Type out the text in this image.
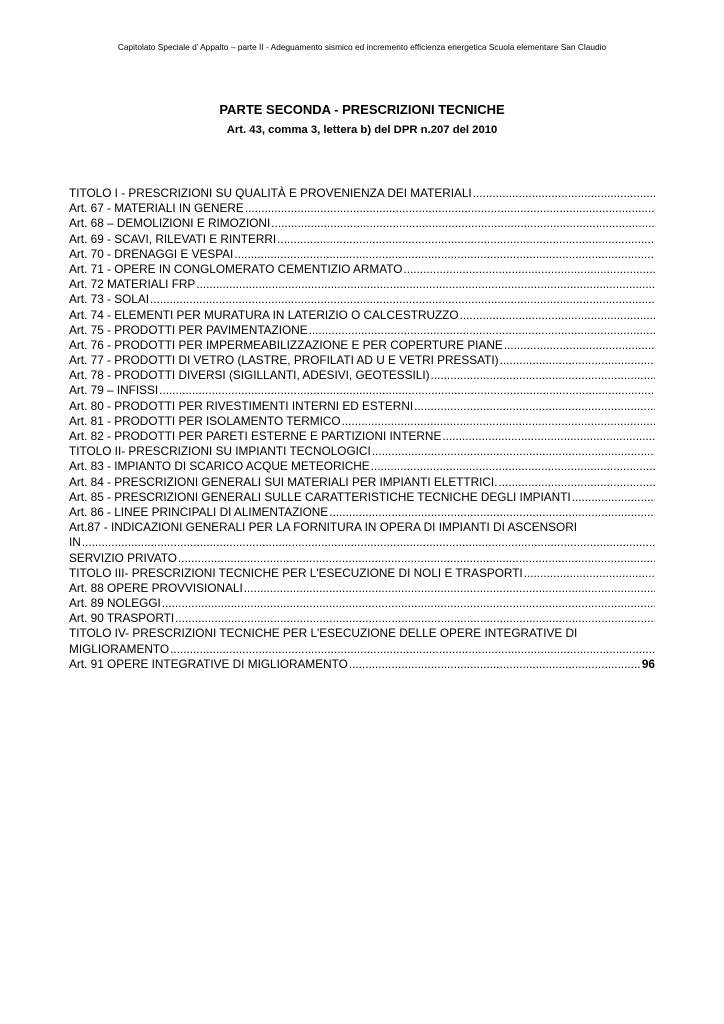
Capitolato Speciale d’ Appalto – parte II - Adeguamento sismico ed incremento efficienza energetica Scuola elementare San Claudio
PARTE SECONDA - PRESCRIZIONI TECNICHE
Art. 43, comma 3, lettera b) del DPR n.207 del 2010
TITOLO I - PRESCRIZIONI SU QUALITÀ E PROVENIENZA DEI MATERIALI
.....
Art. 67 - MATERIALI IN GENERE
.....
Art. 68 – DEMOLIZIONI E RIMOZIONI
.....
Art. 69 - SCAVI, RILEVATI E RINTERRI
.....
Art. 70 - DRENAGGI E VESPAI
.....
Art. 71 - OPERE IN CONGLOMERATO CEMENTIZIO ARMATO
.....
Art. 72 MATERIALI FRP
.....
Art. 73 - SOLAI
.....
Art. 74 - ELEMENTI PER MURATURA IN LATERIZIO O CALCESTRUZZO
.....
Art. 75 - PRODOTTI PER PAVIMENTAZIONE
.....
Art. 76 - PRODOTTI PER IMPERMEABILIZZAZIONE E PER COPERTURE PIANE
.....
Art. 77 - PRODOTTI DI VETRO (LASTRE, PROFILATI AD U E VETRI PRESSATI)
.....
Art. 78 - PRODOTTI DIVERSI (SIGILLANTI, ADESIVI, GEOTESSILI)
.....
Art. 79 – INFISSI
.....
Art. 80 - PRODOTTI PER RIVESTIMENTI INTERNI ED ESTERNI
.....
Art. 81 - PRODOTTI PER ISOLAMENTO TERMICO
.....
Art. 82 - PRODOTTI PER PARETI ESTERNE E PARTIZIONI INTERNE
.....
TITOLO II- PRESCRIZIONI SU IMPIANTI TECNOLOGICI
.....
Art. 83 - IMPIANTO DI SCARICO ACQUE METEORICHE
.....
Art. 84 - PRESCRIZIONI GENERALI SUI MATERIALI PER IMPIANTI ELETTRICI.
.....
Art. 85 - PRESCRIZIONI GENERALI SULLE CARATTERISTICHE TECNICHE DEGLI IMPIANTI
.....
Art. 86 - LINEE PRINCIPALI DI ALIMENTAZIONE
.....
Art.87 - INDICAZIONI GENERALI PER LA FORNITURA IN OPERA DI IMPIANTI DI ASCENSORI
IN
.....
SERVIZIO PRIVATO
.....
TITOLO III- PRESCRIZIONI TECNICHE PER L'ESECUZIONE DI NOLI E TRASPORTI
.....
Art. 88 OPERE PROVVISIONALI
.....
Art. 89 NOLEGGI
.....
Art. 90 TRASPORTI
.....
TITOLO IV- PRESCRIZIONI TECNICHE PER L'ESECUZIONE DELLE OPERE INTEGRATIVE DI
MIGLIORAMENTO
.....
Art. 91 OPERE INTEGRATIVE DI MIGLIORAMENTO
.....	96
